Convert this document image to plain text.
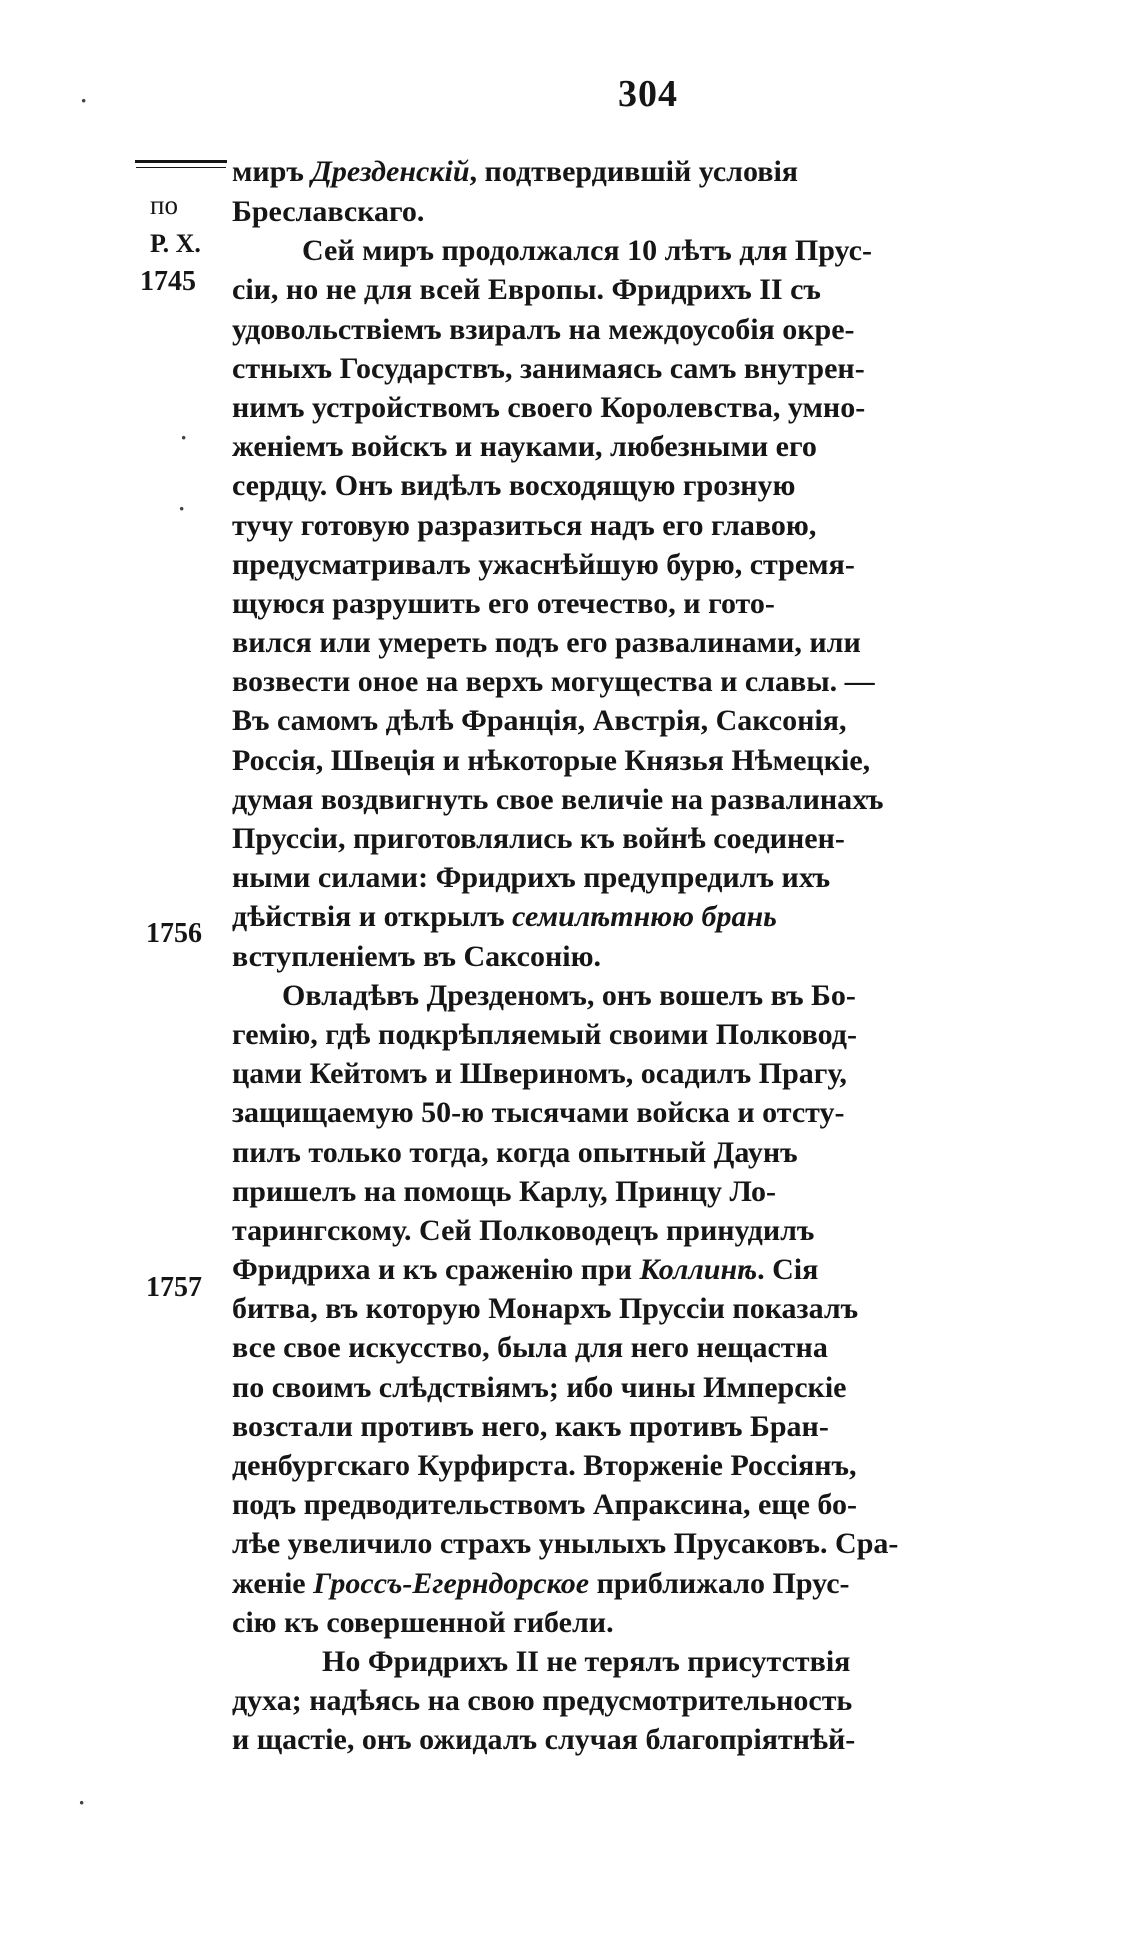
304
по
Р. Х.
1745
1756
1757
·
·
·
·
миръ Дрезденскій, подтвердившій условія
Бреславскаго.
Сей миръ продолжался 10 лѣтъ для Прус-
сіи, но не для всей Европы. Фридрихъ II съ
удовольствіемъ взиралъ на междоусобія окре-
стныхъ Государствъ, занимаясь самъ внутрен-
нимъ устройствомъ своего Королевства, умно-
женіемъ войскъ и науками, любезными его
сердцу. Онъ видѣлъ восходящую грозную
тучу готовую разразиться надъ его главою,
предусматривалъ ужаснѣйшую бурю, стремя-
щуюся разрушить его отечество, и гото-
вился или умереть подъ его развалинами, или
возвести оное на верхъ могущества и славы. —
Въ самомъ дѣлѣ Франція, Австрія, Саксонія,
Россія, Швеція и нѣкоторые Князья Нѣмецкіе,
думая воздвигнуть свое величіе на развалинахъ
Пруссіи, приготовлялись къ войнѣ соединен-
ными силами: Фридрихъ предупредилъ ихъ
дѣйствія и открылъ семилѣтнюю брань
вступленіемъ въ Саксонію.
Овладѣвъ Дрезденомъ, онъ вошелъ въ Бо-
гемію, гдѣ подкрѣпляемый своими Полковод-
цами Кейтомъ и Швериномъ, осадилъ Прагу,
защищаемую 50-ю тысячами войска и отсту-
пилъ только тогда, когда опытный Даунъ
пришелъ на помощь Карлу, Принцу Ло-
тарингскому. Сей Полководецъ принудилъ
Фридриха и къ сраженію при Коллинѣ. Сія
битва, въ которую Монархъ Пруссіи показалъ
все свое искусство, была для него нещастна
по своимъ слѣдствіямъ; ибо чины Имперскіе
возстали противъ него, какъ противъ Бран-
денбургскаго Курфирста. Вторженіе Россіянъ,
подъ предводительствомъ Апраксина, еще бо-
лѣе увеличило страхъ унылыхъ Прусаковъ. Сра-
женіе Гроссъ-Егерндорское приближало Прус-
сію къ совершенной гибели.
Но Фридрихъ II не терялъ присутствія
духа; надѣясь на свою предусмотрительность
и щастіе, онъ ожидалъ случая благопріятнѣй-
